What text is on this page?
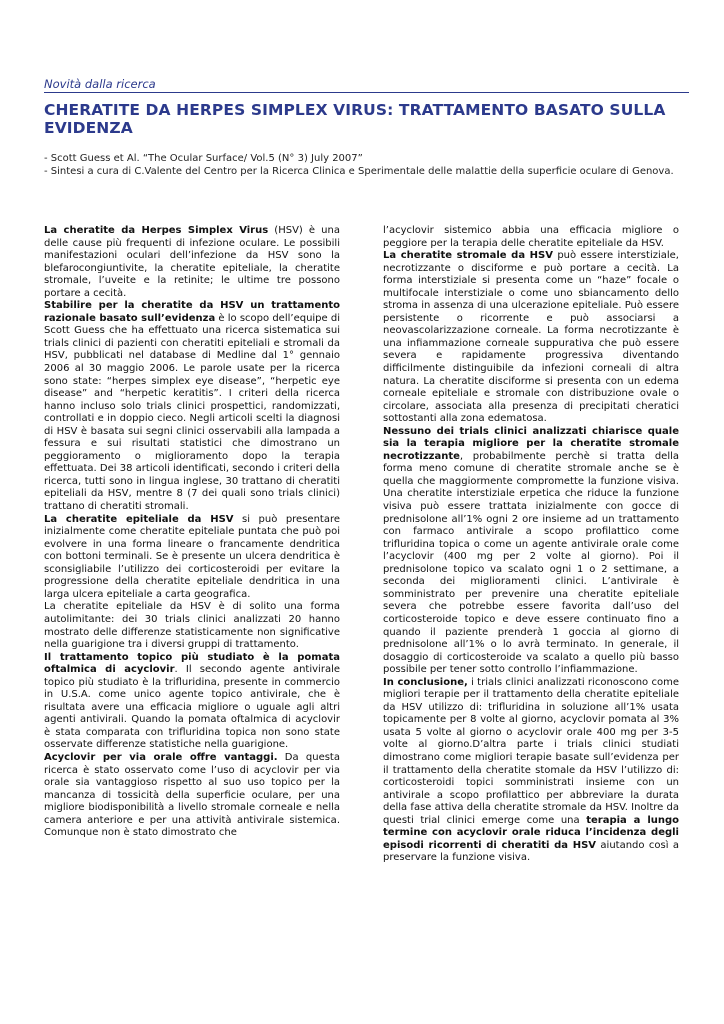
Novità dalla ricerca
CHERATITE DA HERPES SIMPLEX VIRUS: TRATTAMENTO BASATO SULLA EVIDENZA
- Scott Guess et Al. “The Ocular Surface/ Vol.5 (N° 3) July 2007”
- Sintesi a cura di C.Valente del Centro per la Ricerca Clinica e Sperimentale delle malattie della superficie oculare di Genova.

La cheratite da Herpes Simplex Virus (HSV) è una delle cause più frequenti di infezione oculare. Le possibili manifestazioni oculari dell’infezione da HSV sono la blefarocongiuntivite, la cheratite epiteliale, la cheratite stromale, l’uveite e la retinite; le ultime tre possono portare a cecità.

Stabilire per la cheratite da HSV un trattamento razionale basato sull’evidenza è lo scopo dell’equipe di Scott Guess che ha effettuato una ricerca sistematica sui trials clinici di pazienti con cheratiti epiteliali e stromali da HSV, pubblicati nel database di Medline dal 1° gennaio 2006 al 30 maggio 2006. Le parole usate per la ricerca sono state: “herpes simplex eye disease”, “herpetic eye disease” and “herpetic keratitis”. I criteri della ricerca hanno incluso solo trials clinici prospettici, randomizzati, controllati e in doppio cieco. Negli articoli scelti la diagnosi di HSV è basata sui segni clinici osservabili alla lampada a fessura e sui risultati statistici che dimostrano un peggioramento o miglioramento dopo la terapia effettuata. Dei 38 articoli identificati, secondo i criteri della ricerca, tutti sono in lingua inglese, 30 trattano di cheratiti epiteliali da HSV, mentre 8 (7 dei quali sono trials clinici) trattano di cheratiti stromali.

La cheratite epiteliale da HSV si può presentare inizialmente come cheratite epiteliale puntata che può poi evolvere in una forma lineare o francamente dendritica con bottoni terminali. Se è presente un ulcera dendritica è sconsigliabile l’utilizzo dei corticosteroidi per evitare la progressione della cheratite epiteliale dendritica in una larga ulcera epiteliale a carta geografica.

La cheratite epiteliale da HSV è di solito una forma autolimitante: dei 30 trials clinici analizzati 20 hanno mostrato delle differenze statisticamente non significative nella guarigione tra i diversi gruppi di trattamento.

Il trattamento topico più studiato è la pomata oftalmica di acyclovir. Il secondo agente antivirale topico più studiato è la trifluridina, presente in commercio in U.S.A. come unico agente topico antivirale, che è risultata avere una efficacia migliore o uguale agli altri agenti antivirali. Quando la pomata oftalmica di acyclovir è stata comparata con trifluridina topica non sono state osservate differenze statistiche nella guarigione.

Acyclovir per via orale offre vantaggi. Da questa ricerca è stato osservato come l’uso di acyclovir per via orale sia vantaggioso rispetto al suo uso topico per la mancanza di tossicità della superficie oculare, per una migliore biodisponibilità a livello stromale corneale e nella camera anteriore e per una attività antivirale sistemica. Comunque non è stato dimostrato che

l’acyclovir sistemico abbia una efficacia migliore o peggiore per la terapia delle cheratite epiteliale da HSV.

La cheratite stromale da HSV può essere interstiziale, necrotizzante o disciforme e può portare a cecità. La forma interstiziale si presenta come un “haze” focale o multifocale interstiziale o come uno sbiancamento dello stroma in assenza di una ulcerazione epiteliale. Può essere persistente o ricorrente e può associarsi a neovascolarizzazione corneale. La forma necrotizzante è una infiammazione corneale suppurativa che può essere severa e rapidamente progressiva diventando difficilmente distinguibile da infezioni corneali di altra natura. La cheratite disciforme si presenta con un edema corneale epiteliale e stromale con distribuzione ovale o circolare, associata alla presenza di precipitati cheratici sottostanti alla zona edematosa.

Nessuno dei trials clinici analizzati chiarisce quale sia la terapia migliore per la cheratite stromale necrotizzante, probabilmente perchè si tratta della forma meno comune di cheratite stromale anche se è quella che maggiormente compromette la funzione visiva. Una cheratite interstiziale erpetica che riduce la funzione visiva può essere trattata inizialmente con gocce di prednisolone all’1% ogni 2 ore insieme ad un trattamento con farmaco antivirale a scopo profilattico come trifluridina topica o come un agente antivirale orale come l’acyclovir (400 mg per 2 volte al giorno). Poi il prednisolone topico va scalato ogni 1 o 2 settimane, a seconda dei miglioramenti clinici. L’antivirale è somministrato per prevenire una cheratite epiteliale severa che potrebbe essere favorita dall’uso del corticosteroide topico e deve essere continuato fino a quando il paziente prenderà 1 goccia al giorno di prednisolone all’1% o lo avrà terminato. In generale, il dosaggio di corticosteroide va scalato a quello più basso possibile per tener sotto controllo l’infiammazione.

In conclusione, i trials clinici analizzati riconoscono come migliori terapie per il trattamento della cheratite epiteliale da HSV utilizzo di: trifluridina in soluzione all’1% usata topicamente per 8 volte al giorno, acyclovir pomata al 3% usata 5 volte al giorno o acyclovir orale 400 mg per 3-5 volte al giorno.D’altra parte i trials clinici studiati dimostrano come migliori terapie basate sull’evidenza per il trattamento della cheratite stomale da HSV l’utilizzo di: corticosteroidi topici somministrati insieme con un antivirale a scopo profilattico per abbreviare la durata della fase attiva della cheratite stromale da HSV. Inoltre da questi trial clinici emerge come una terapia a lungo termine con acyclovir orale riduca l’incidenza degli episodi ricorrenti di cheratiti da HSV aiutando così a preservare la funzione visiva.
